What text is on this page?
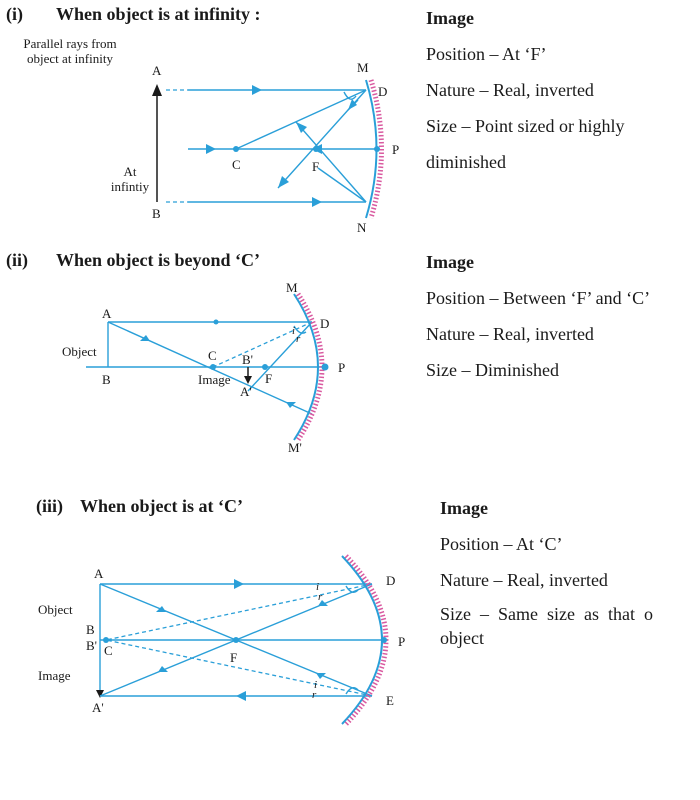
(i) When object is at infinity :
Parallel rays from
object at infinity
At
infintiy
Image
Position – At ‘F’
Nature – Real, inverted
Size – Point sized or highly
diminished
A
B
M
D
N
C	F
P
A
B
M
D
C B'
F
P
A'
M'
i
r
Object
Image
A
B
B' C
A'
D
E
F
P
i
r
i
r
Object
Image
(ii) When object is beyond ‘C’	Image
Position – Between ‘F’ and ‘C’
Nature – Real, inverted
Size – Diminished
(iii) When object is at ‘C’	Image
Position – At ‘C’
Nature – Real, inverted
Size  –  Same  size  as  that  o
object
